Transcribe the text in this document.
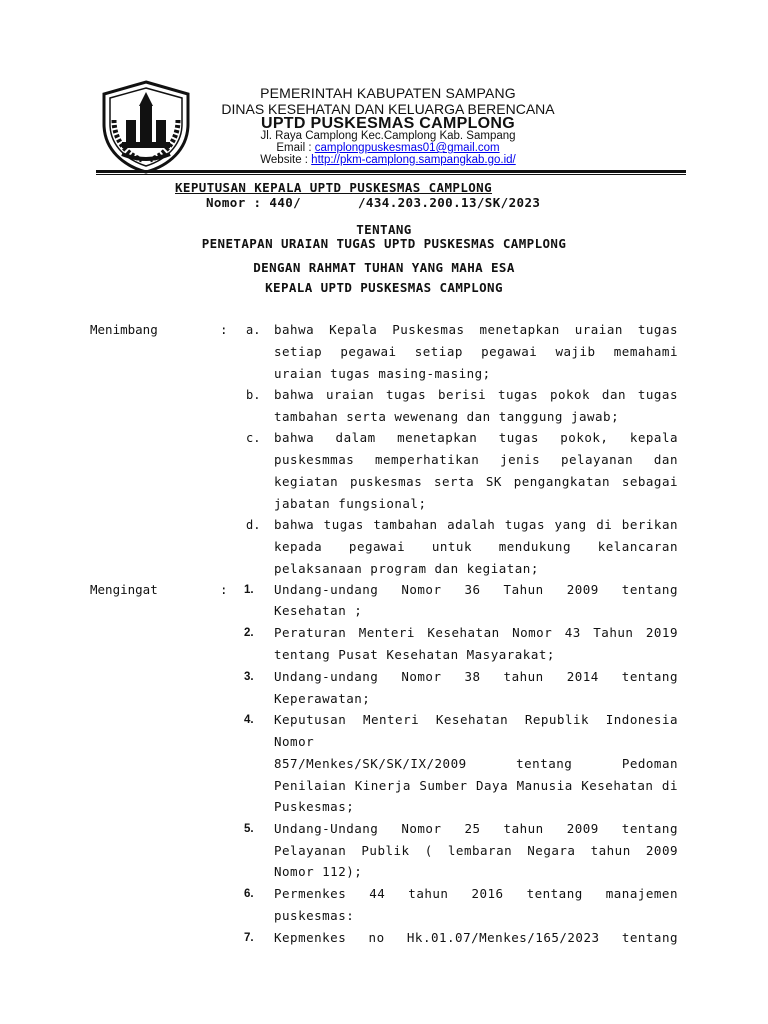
PEMERINTAH KABUPATEN SAMPANG
DINAS KESEHATAN DAN KELUARGA BERENCANA
UPTD PUSKESMAS CAMPLONG
Jl. Raya Camplong Kec.Camplong Kab. Sampang
Email : camplongpuskesmas01@gmail.com
Website : http://pkm-camplong.sampangkab.go.id/
KEPUTUSAN KEPALA UPTD PUSKESMAS CAMPLONG
Nomor : 440/	/434.203.200.13/SK/2023
TENTANG
PENETAPAN URAIAN TUGAS UPTD PUSKESMAS CAMPLONG
DENGAN RAHMAT TUHAN YANG MAHA ESA
KEPALA UPTD PUSKESMAS CAMPLONG
Menimbang	: a. bahwa Kepala Puskesmas menetapkan uraian tugas
setiap pegawai setiap pegawai wajib memahami
uraian tugas masing-masing;
b. bahwa uraian tugas berisi tugas pokok dan tugas
tambahan serta wewenang dan tanggung jawab;
c. bahwa dalam menetapkan tugas pokok, kepala
puskesmmas memperhatikan jenis pelayanan dan
kegiatan puskesmas serta SK pengangkatan sebagai
jabatan fungsional;
d. bahwa tugas tambahan adalah tugas yang di berikan
kepada pegawai untuk mendukung kelancaran
pelaksanaan program dan kegiatan;
Mengingat	: 1. Undang-undang Nomor 36 Tahun 2009 tentang
Kesehatan ;
2. Peraturan Menteri Kesehatan Nomor 43 Tahun 2019
tentang Pusat Kesehatan Masyarakat;
3. Undang-undang Nomor 38 tahun 2014 tentang
Keperawatan;
4. Keputusan Menteri Kesehatan Republik Indonesia
Nomor
857/Menkes/SK/SK/IX/2009 tentang Pedoman
Penilaian Kinerja Sumber Daya Manusia Kesehatan di
Puskesmas;
5. Undang-Undang Nomor 25 tahun 2009 tentang
Pelayanan Publik ( lembaran Negara tahun 2009
Nomor 112);
6. Permenkes 44 tahun 2016 tentang manajemen
puskesmas:
7. Kepmenkes no Hk.01.07/Menkes/165/2023 tentang
